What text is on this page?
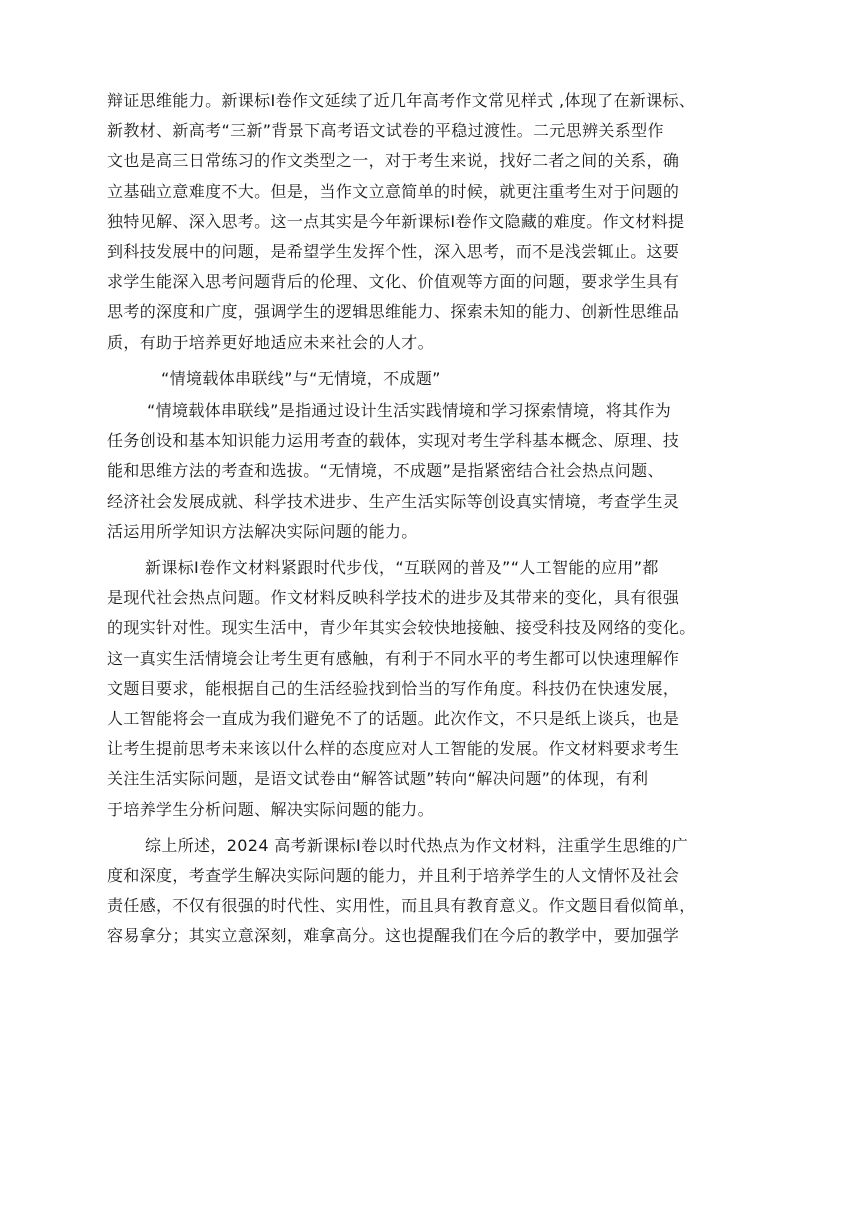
辩证思维能力。新课标Ⅰ卷作文延续了近几年高考作文常见样式 ,体现了在新课标、
新教材、新高考“三新”背景下高考语文试卷的平稳过渡性。二元思辨关系型作
文也是高三日常练习的作文类型之一，对于考生来说，找好二者之间的关系，确
立基础立意难度不大。但是，当作文立意简单的时候，就更注重考生对于问题的
独特见解、深入思考。这一点其实是今年新课标Ⅰ卷作文隐藏的难度。作文材料提
到科技发展中的问题，是希望学生发挥个性，深入思考，而不是浅尝辄止。这要
求学生能深入思考问题背后的伦理、文化、价值观等方面的问题，要求学生具有
思考的深度和广度，强调学生的逻辑思维能力、探索未知的能力、创新性思维品
质，有助于培养更好地适应未来社会的人才。

“情境载体串联线”与“无情境，不成题”

“情境载体串联线”是指通过设计生活实践情境和学习探索情境，将其作为
任务创设和基本知识能力运用考查的载体，实现对考生学科基本概念、原理、技
能和思维方法的考查和选拔。“无情境，不成题”是指紧密结合社会热点问题、
经济社会发展成就、科学技术进步、生产生活实际等创设真实情境，考查学生灵
活运用所学知识方法解决实际问题的能力。

新课标Ⅰ卷作文材料紧跟时代步伐，“互联网的普及”“人工智能的应用”都
是现代社会热点问题。作文材料反映科学技术的进步及其带来的变化，具有很强
的现实针对性。现实生活中，青少年其实会较快地接触、接受科技及网络的变化。
这一真实生活情境会让考生更有感触，有利于不同水平的考生都可以快速理解作
文题目要求，能根据自己的生活经验找到恰当的写作角度。科技仍在快速发展，
人工智能将会一直成为我们避免不了的话题。此次作文，不只是纸上谈兵，也是
让考生提前思考未来该以什么样的态度应对人工智能的发展。作文材料要求考生
关注生活实际问题，是语文试卷由“解答试题”转向“解决问题”的体现，有利
于培养学生分析问题、解决实际问题的能力。

综上所述，2024 高考新课标Ⅰ卷以时代热点为作文材料，注重学生思维的广
度和深度，考查学生解决实际问题的能力，并且利于培养学生的人文情怀及社会
责任感，不仅有很强的时代性、实用性，而且具有教育意义。作文题目看似简单，
容易拿分；其实立意深刻，难拿高分。这也提醒我们在今后的教学中，要加强学
